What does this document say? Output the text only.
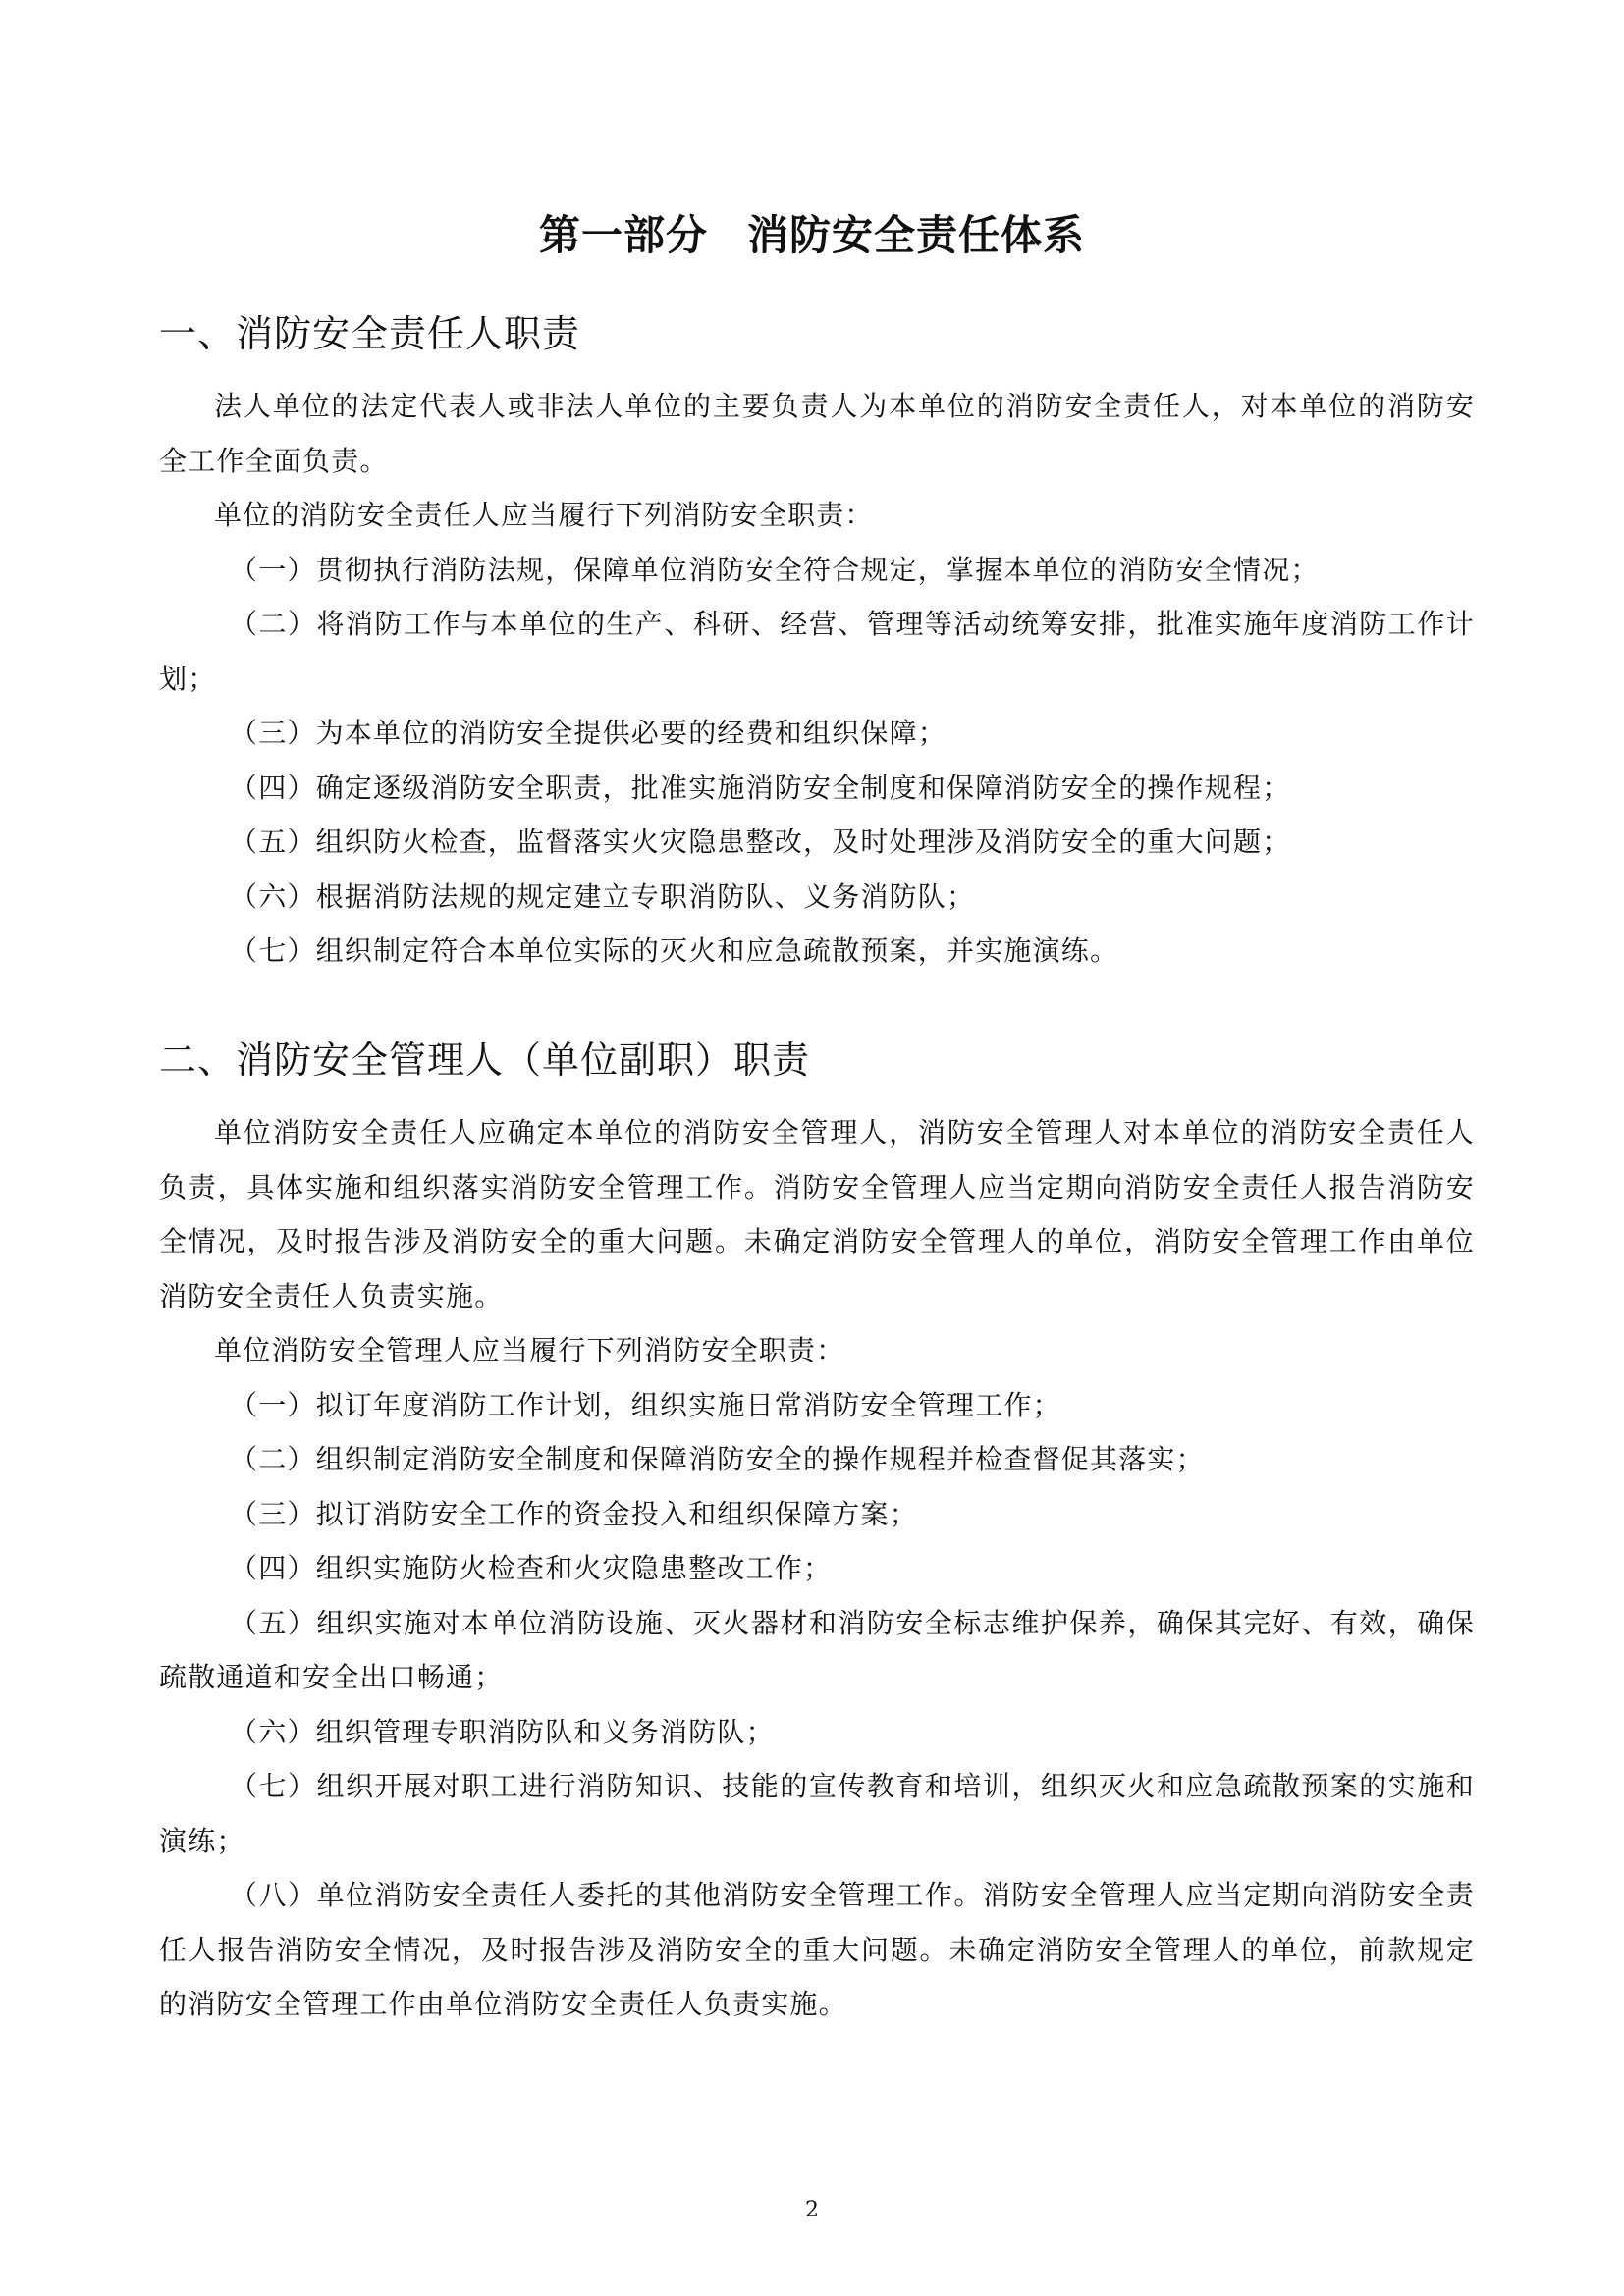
第一部分 消防安全责任体系
一、消防安全责任人职责

法人单位的法定代表人或非法人单位的主要负责人为本单位的消防安全责任人，对本单位的消防安全工作全面负责。

单位的消防安全责任人应当履行下列消防安全职责：

（一）贯彻执行消防法规，保障单位消防安全符合规定，掌握本单位的消防安全情况；

（二）将消防工作与本单位的生产、科研、经营、管理等活动统筹安排，批准实施年度消防工作计划；

（三）为本单位的消防安全提供必要的经费和组织保障；

（四）确定逐级消防安全职责，批准实施消防安全制度和保障消防安全的操作规程；

（五）组织防火检查，监督落实火灾隐患整改，及时处理涉及消防安全的重大问题；

（六）根据消防法规的规定建立专职消防队、义务消防队；

（七）组织制定符合本单位实际的灭火和应急疏散预案，并实施演练。

二、消防安全管理人（单位副职）职责

单位消防安全责任人应确定本单位的消防安全管理人，消防安全管理人对本单位的消防安全责任人负责，具体实施和组织落实消防安全管理工作。消防安全管理人应当定期向消防安全责任人报告消防安全情况，及时报告涉及消防安全的重大问题。未确定消防安全管理人的单位，消防安全管理工作由单位消防安全责任人负责实施。

单位消防安全管理人应当履行下列消防安全职责：

（一）拟订年度消防工作计划，组织实施日常消防安全管理工作；

（二）组织制定消防安全制度和保障消防安全的操作规程并检查督促其落实；

（三）拟订消防安全工作的资金投入和组织保障方案；

（四）组织实施防火检查和火灾隐患整改工作；

（五）组织实施对本单位消防设施、灭火器材和消防安全标志维护保养，确保其完好、有效，确保疏散通道和安全出口畅通；

（六）组织管理专职消防队和义务消防队；

（七）组织开展对职工进行消防知识、技能的宣传教育和培训，组织灭火和应急疏散预案的实施和演练；

（八）单位消防安全责任人委托的其他消防安全管理工作。消防安全管理人应当定期向消防安全责任人报告消防安全情况，及时报告涉及消防安全的重大问题。未确定消防安全管理人的单位，前款规定的消防安全管理工作由单位消防安全责任人负责实施。

2
